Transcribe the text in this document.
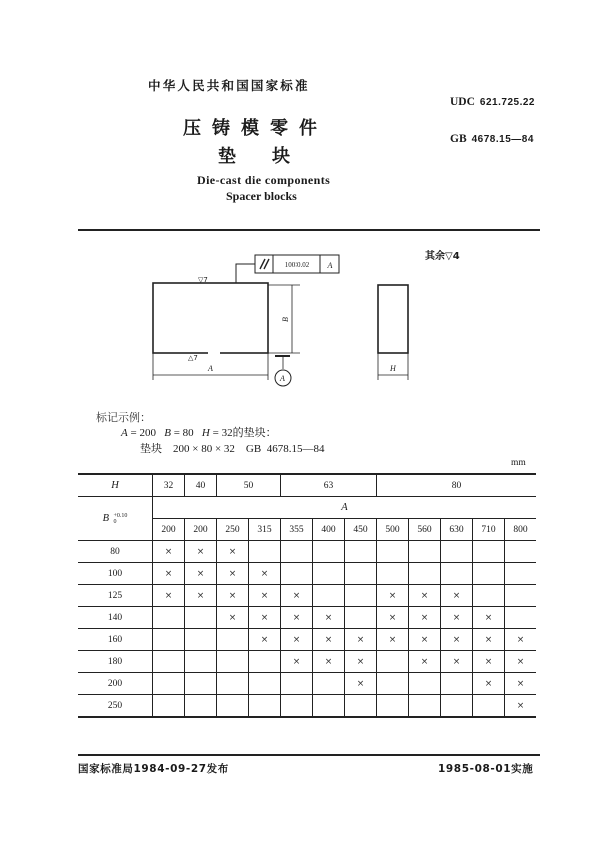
中华人民共和国国家标准
压铸模零件
垫 块
Die-cast die components
Spacer blocks
UDC 621.725.22
GB 4678.15—84
其余▽4
100∶0.02 A
▽7
△7
B
A
A
H
标记示例：
A = 200 B = 80 H = 32的垫块：
垫块    200 × 80 × 32    GB  4678.15—84
mm
H	32	40	50		63			80				
B +0.10
0	A											
	200	200	250	315	355	400	450	500	560	630	710	800
80	×	×	×									
100	×	×	×	×								
125	×	×	×	×	×			×	×	×		
140			×	×	×	×		×	×	×	×	
160				×	×	×	×	×	×	×	×	×
180					×	×	×		×	×	×	×
200							×				×	×
250												×
国家标准局1984-09-27发布	1985-08-01实施
